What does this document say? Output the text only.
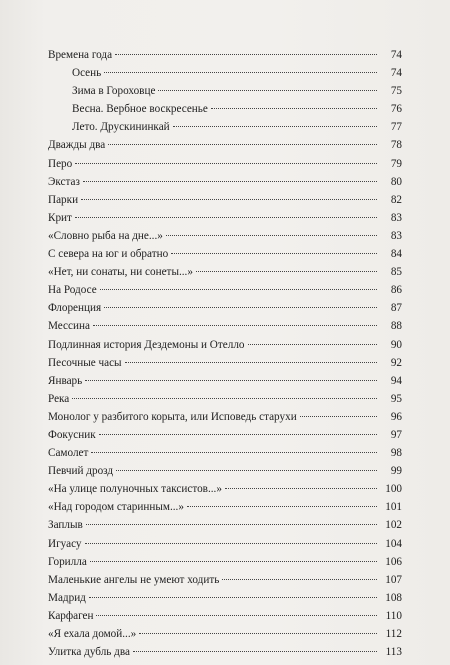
Времена года	74
Осень	74
Зима в Гороховце	75
Весна. Вербное воскресенье	76
Лето. Друскининкай	77
Дважды два	78
Перо	79
Экстаз	80
Парки	82
Крит	83
«Словно рыба на дне...»	83
С севера на юг и обратно	84
«Нет, ни сонаты, ни сонеты...»	85
На Родосе	86
Флоренция	87
Мессина	88
Подлинная история Дездемоны и Отелло	90
Песочные часы	92
Январь	94
Река	95
Монолог у разбитого корыта, или Исповедь старухи	96
Фокусник	97
Самолет	98
Певчий дрозд	99
«На улице полуночных таксистов...»	100
«Над городом старинным...»	101
Заплыв	102
Игуасу	104
Горилла	106
Маленькие ангелы не умеют ходить	107
Мадрид	108
Карфаген	110
«Я ехала домой...»	112
Улитка дубль два	113
